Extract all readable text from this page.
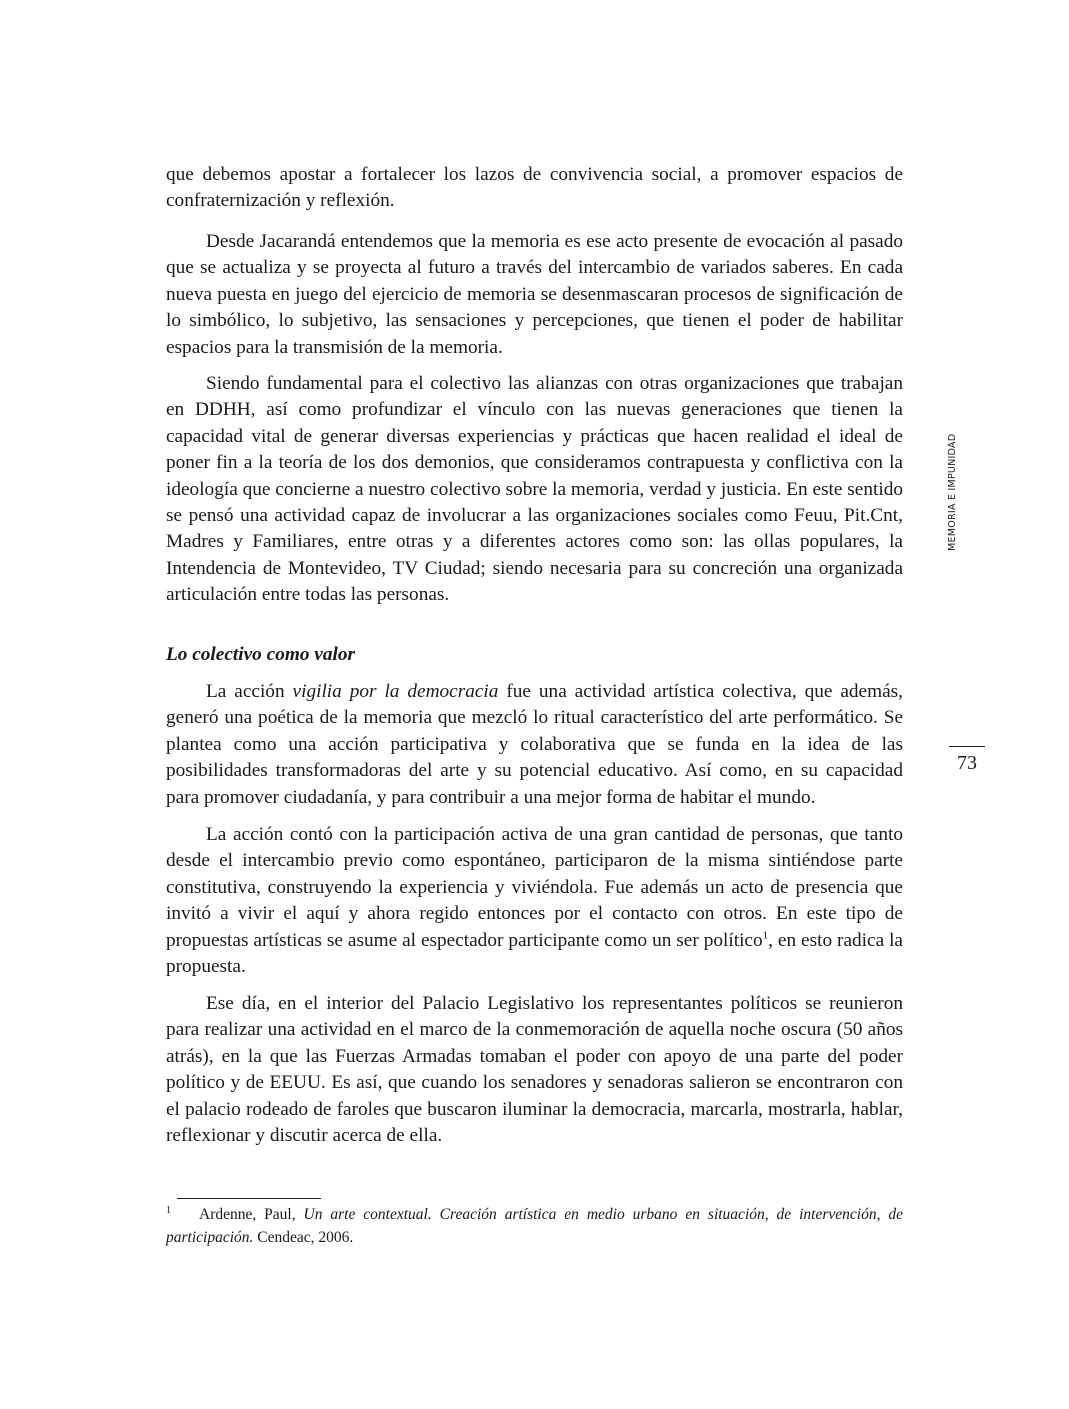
que debemos apostar a fortalecer los lazos de convivencia social, a promover espacios de confraternización y reflexión.

Desde Jacarandá entendemos que la memoria es ese acto presente de evocación al pasado que se actualiza y se proyecta al futuro a través del intercambio de variados saberes. En cada nueva puesta en juego del ejercicio de memoria se desenmascaran procesos de significación de lo simbólico, lo subjetivo, las sensaciones y percepciones, que tienen el poder de habilitar espacios para la transmisión de la memoria.

Siendo fundamental para el colectivo las alianzas con otras organizaciones que trabajan en DDHH, así como profundizar el vínculo con las nuevas generaciones que tienen la capacidad vital de generar diversas experiencias y prácticas que hacen realidad el ideal de poner fin a la teoría de los dos demonios, que consideramos contrapuesta y conflictiva con la ideología que concierne a nuestro colectivo sobre la memoria, verdad y justicia. En este sentido se pensó una actividad capaz de involucrar a las organizaciones sociales como Feuu, Pit.Cnt, Madres y Familiares, entre otras y a diferentes actores como son: las ollas populares, la Intendencia de Montevideo, TV Ciudad; siendo necesaria para su concreción una organizada articulación entre todas las personas.

Lo colectivo como valor

La acción vigilia por la democracia fue una actividad artística colectiva, que además, generó una poética de la memoria que mezcló lo ritual característico del arte performático. Se plantea como una acción participativa y colaborativa que se funda en la idea de las posibilidades transformadoras del arte y su potencial educativo. Así como, en su capacidad para promover ciudadanía, y para contribuir a una mejor forma de habitar el mundo.

La acción contó con la participación activa de una gran cantidad de personas, que tanto desde el intercambio previo como espontáneo, participaron de la misma sintiéndose parte constitutiva, construyendo la experiencia y viviéndola. Fue además un acto de presencia que invitó a vivir el aquí y ahora regido entonces por el contacto con otros. En este tipo de propuestas artísticas se asume al espectador participante como un ser político$^1$, en esto radica la propuesta.

Ese día, en el interior del Palacio Legislativo los representantes políticos se reunieron para realizar una actividad en el marco de la conmemoración de aquella noche oscura (50 años atrás), en la que las Fuerzas Armadas tomaban el poder con apoyo de una parte del poder político y de EEUU. Es así, que cuando los senadores y senadoras salieron se encontraron con el palacio rodeado de faroles que buscaron iluminar la democracia, marcarla, mostrarla, hablar, reflexionar y discutir acerca de ella.

1 Ardenne, Paul, Un arte contextual. Creación artística en medio urbano en situación, de intervención, de participación. Cendeac, 2006.

MEMORIA E IMPUNIDAD
73
